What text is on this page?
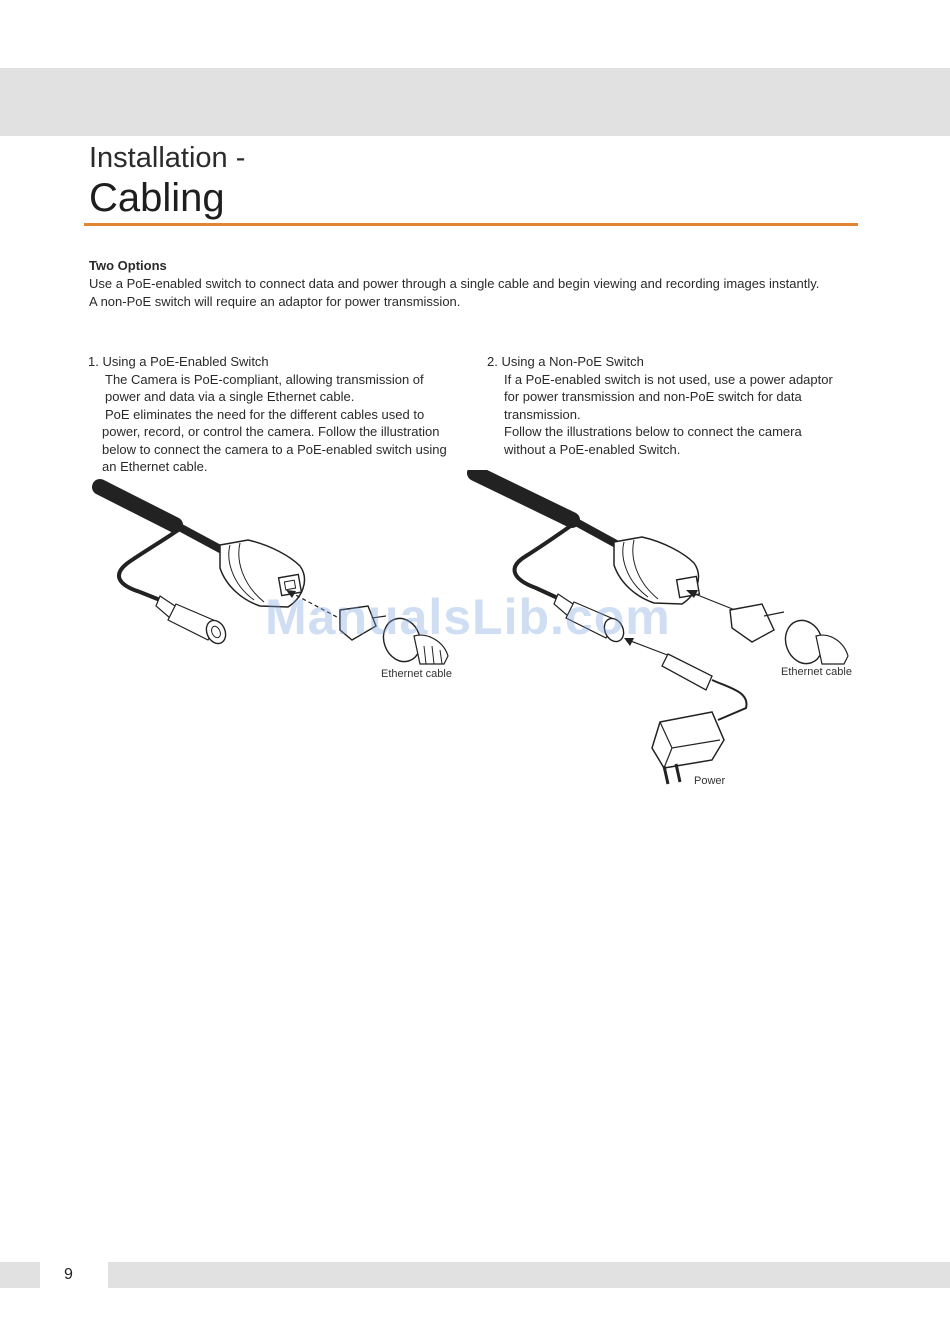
Installation -
Cabling
Two Options
Use a PoE-enabled switch to connect data and power through a single cable and begin viewing and recording images instantly.
A non-PoE switch will require an adaptor for power transmission.
1. Using a PoE-Enabled Switch
The Camera is PoE-compliant, allowing transmission of
power and data via a single Ethernet cable.
PoE eliminates the need for the different cables used to
power, record, or control the camera. Follow the illustration
below to connect the camera to a PoE-enabled switch using
an Ethernet cable.
2. Using a Non-PoE Switch
If a PoE-enabled switch is not used, use a power adaptor
for power transmission and non-PoE switch for data
transmission.
Follow the illustrations below to connect the camera
without a PoE-enabled Switch.
Ethernet cable	Ethernet cable
Power
ManualsLib.com
9
